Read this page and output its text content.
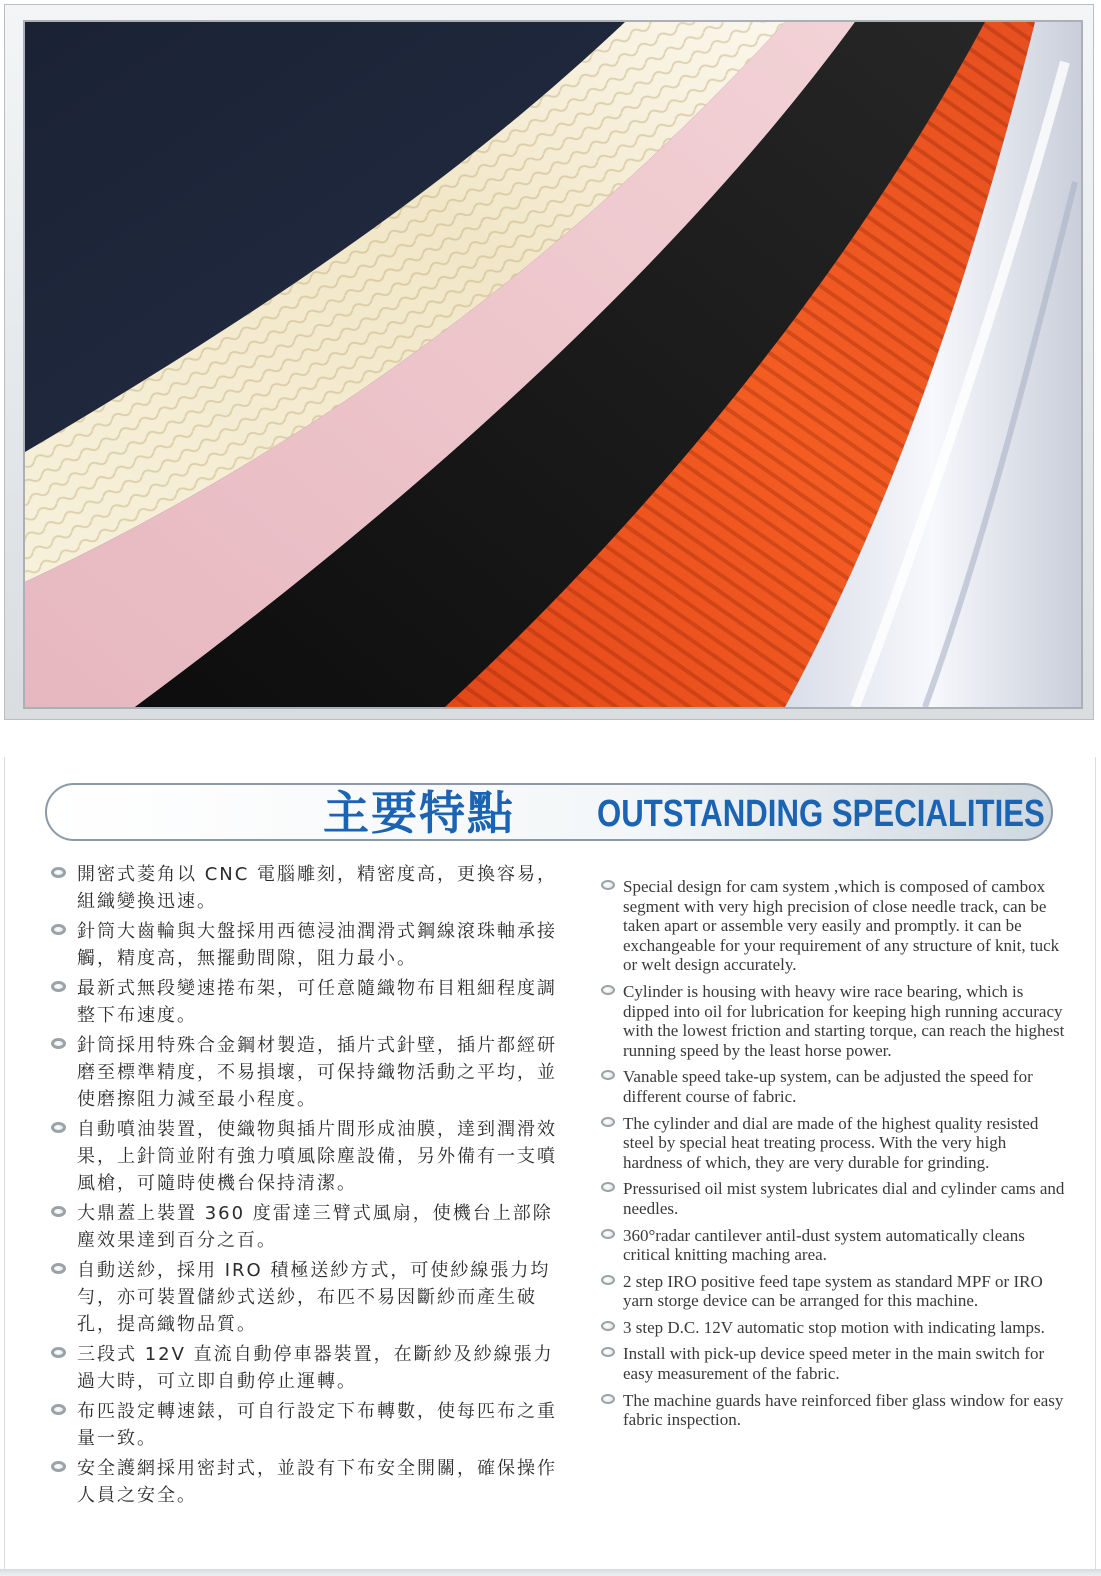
主要特點 OUTSTANDING SPECIALITIES
開密式菱角以 CNC 電腦雕刻，精密度高，更換容易，組織變換迅速。
針筒大齒輪與大盤採用西德浸油潤滑式鋼線滾珠軸承接觸，精度高，無擺動間隙，阻力最小。
最新式無段變速捲布架，可任意隨織物布目粗細程度調整下布速度。
針筒採用特殊合金鋼材製造，插片式針壁，插片都經研磨至標準精度，不易損壞，可保持織物活動之平均，並使磨擦阻力減至最小程度。
自動噴油裝置，使織物與插片間形成油膜，達到潤滑效果，上針筒並附有強力噴風除塵設備，另外備有一支噴風槍，可隨時使機台保持清潔。
大鼎蓋上裝置 360 度雷達三臂式風扇，使機台上部除塵效果達到百分之百。
自動送紗，採用 IRO 積極送紗方式，可使紗線張力均勻，亦可裝置儲紗式送紗，布匹不易因斷紗而產生破孔，提高織物品質。
三段式 12V 直流自動停車器裝置，在斷紗及紗線張力過大時，可立即自動停止運轉。
布匹設定轉速錶，可自行設定下布轉數，使每匹布之重量一致。
安全護網採用密封式，並設有下布安全開關，確保操作人員之安全。
Special design for cam system ,which is composed of cambox segment with very high precision of close needle track, can be taken apart or assemble very easily and promptly. it can be exchangeable for your requirement of any structure of knit, tuck or welt design accurately.
Cylinder is housing with heavy wire race bearing, which is dipped into oil for lubrication for keeping high running accuracy with the lowest friction and starting torque, can reach the highest running speed by the least horse power.
Vanable speed take-up system, can be adjusted the speed for different course of fabric.
The cylinder and dial are made of the highest quality resisted steel by special heat treating process. With the very high hardness of which, they are very durable for grinding.
Pressurised oil mist system lubricates dial and cylinder cams and needles.
360°radar cantilever antil-dust system automatically cleans critical knitting maching area.
2 step IRO positive feed tape system as standard MPF or IRO yarn storge device can be arranged for this machine.
3 step D.C. 12V automatic stop motion with indicating lamps.
Install with pick-up device speed meter in the main switch for easy measurement of the fabric.
The machine guards have reinforced fiber glass window for easy fabric inspection.
